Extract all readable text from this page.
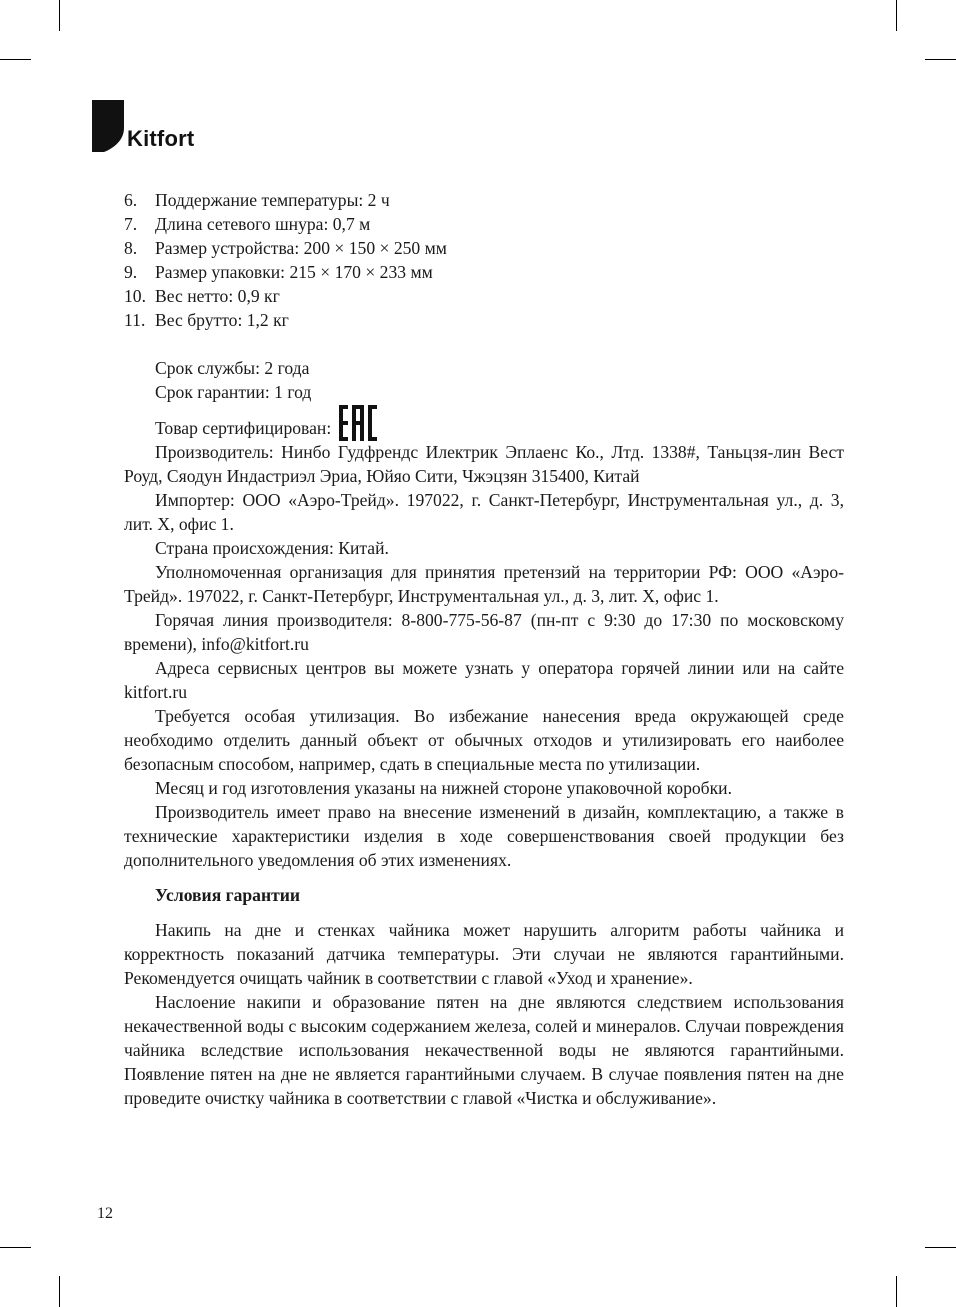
Kitfort
6.	Поддержание температуры: 2 ч
7.	Длина сетевого шнура: 0,7 м
8.	Размер устройства: 200 × 150 × 250 мм
9.	Размер упаковки: 215 × 170 × 233 мм
10. Вес нетто: 0,9 кг
11. Вес брутто: 1,2 кг
Срок службы: 2 года
Срок гарантии: 1 год
Товар сертифицирован:

Производитель: Нинбо Гудфрендс Илектрик Эплаенс Ко., Лтд. 1338#, Таньцзя-лин Вест Роуд, Сяодун Индастриэл Эриа, Юйяо Сити, Чжэцзян 315400, Китай

Импортер: ООО «Аэро-Трейд». 197022, г. Санкт-Петербург, Инструментальная ул., д. 3, лит. Х, офис 1.

Страна происхождения: Китай.

Уполномоченная организация для принятия претензий на территории РФ: ООО «Аэро-Трейд». 197022, г. Санкт-Петербург, Инструментальная ул., д. 3, лит. Х, офис 1.

Горячая линия производителя: 8-800-775-56-87 (пн-пт с 9:30 до 17:30 по московскому времени), info@kitfort.ru

Адреса сервисных центров вы можете узнать у оператора горячей линии или на сайте kitfort.ru

Требуется особая утилизация. Во избежание нанесения вреда окружающей среде необходимо отделить данный объект от обычных отходов и утилизировать его наиболее безопасным способом, например, сдать в специальные места по утилизации.

Месяц и год изготовления указаны на нижней стороне упаковочной коробки.

Производитель имеет право на внесение изменений в дизайн, комплектацию, а также в технические характеристики изделия в ходе совершенствования своей продукции без дополнительного уведомления об этих изменениях.

Условия гарантии

Накипь на дне и стенках чайника может нарушить алгоритм работы чайника и корректность показаний датчика температуры. Эти случаи не являются гарантийными. Рекомендуется очищать чайник в соответствии с главой «Уход и хранение».

Наслоение накипи и образование пятен на дне являются следствием использования некачественной воды с высоким содержанием железа, солей и минералов. Случаи повреждения чайника вследствие использования некачественной воды не являются гарантийными. Появление пятен на дне не является гарантийными случаем. В случае появления пятен на дне проведите очистку чайника в соответствии с главой «Чистка и обслуживание».

12
